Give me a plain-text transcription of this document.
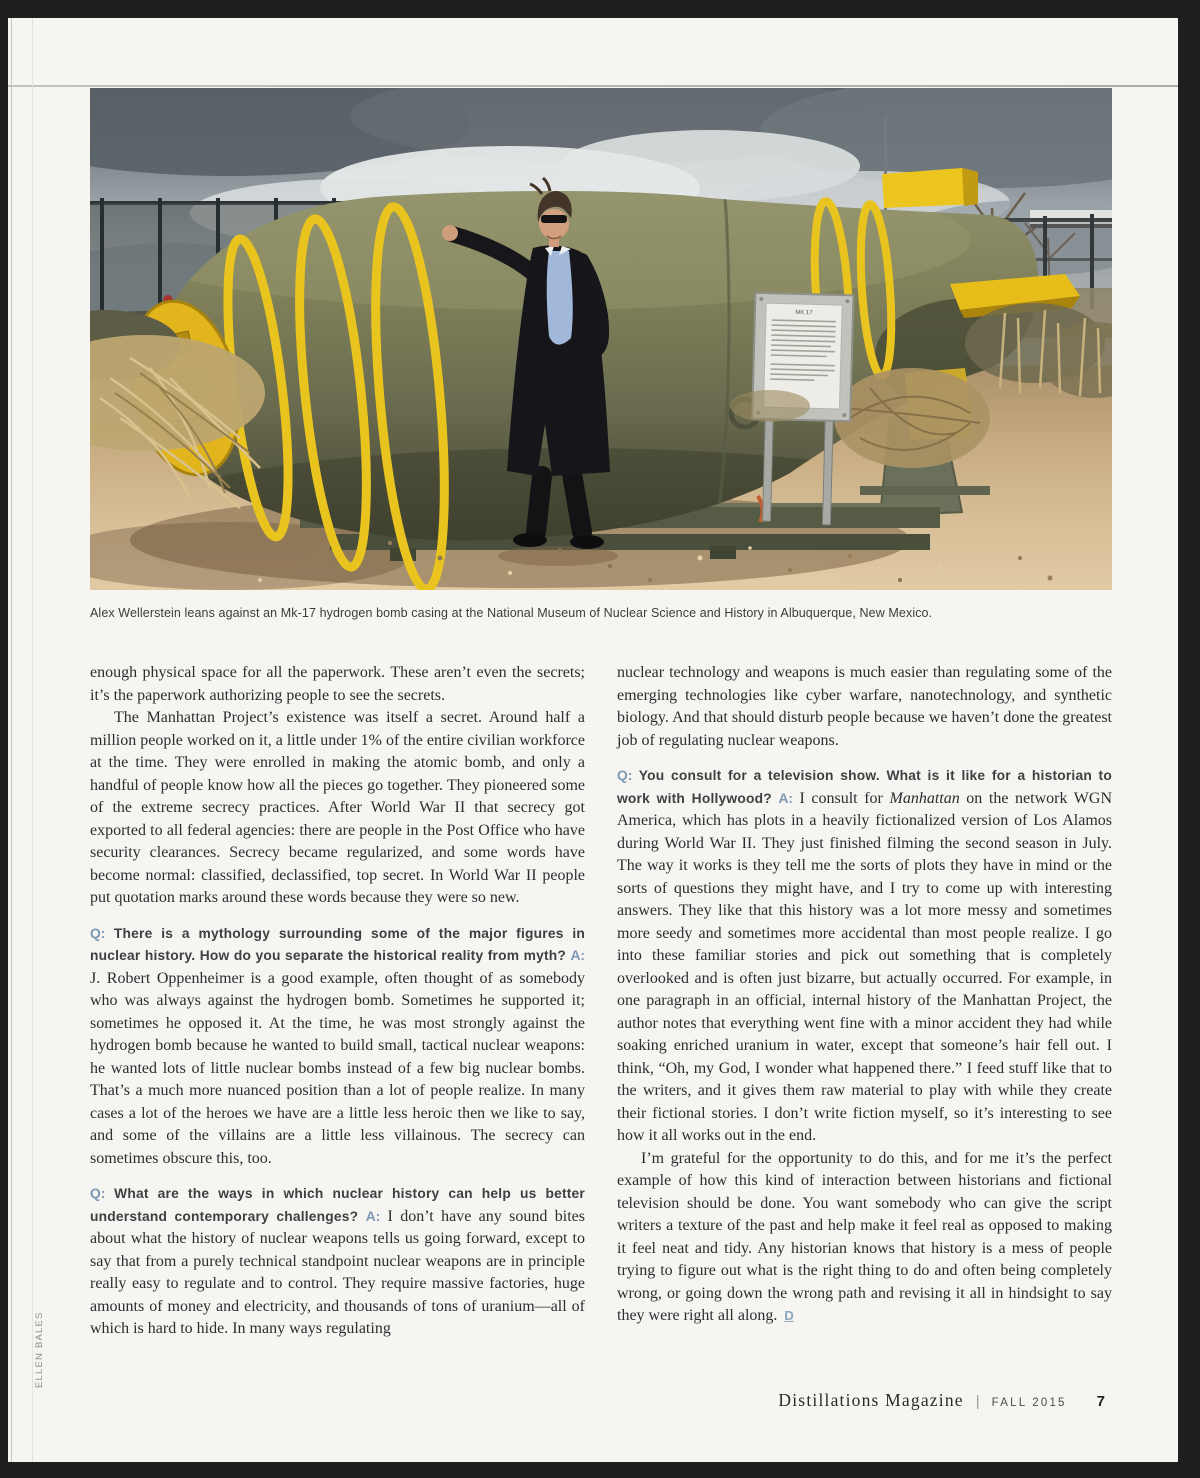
MK 17
Alex Wellerstein leans against an Mk-17 hydrogen bomb casing at the National Museum of Nuclear Science and History in Albuquerque, New Mexico.

enough physical space for all the paperwork. These aren’t even the secrets; it’s the paperwork authorizing people to see the secrets.

The Manhattan Project’s existence was itself a secret. Around half a million people worked on it, a little under 1% of the entire civilian workforce at the time. They were enrolled in making the atomic bomb, and only a handful of people know how all the pieces go together. They pioneered some of the extreme secrecy practices. After World War II that secrecy got exported to all federal agencies: there are people in the Post Office who have security clearances. Secrecy became regularized, and some words have become normal: classified, declassified, top secret. In World War II people put quotation marks around these words because they were so new.

Q: There is a mythology surrounding some of the major figures in nuclear history. How do you separate the historical reality from myth? A: J. Robert Oppenheimer is a good example, often thought of as somebody who was always against the hydrogen bomb. Sometimes he supported it; sometimes he opposed it. At the time, he was most strongly against the hydrogen bomb because he wanted to build small, tactical nuclear weapons: he wanted lots of little nuclear bombs instead of a few big nuclear bombs. That’s a much more nuanced position than a lot of people realize. In many cases a lot of the heroes we have are a little less heroic then we like to say, and some of the villains are a little less villainous. The secrecy can sometimes obscure this, too.

Q: What are the ways in which nuclear history can help us better understand contemporary challenges? A: I don’t have any sound bites about what the history of nuclear weapons tells us going forward, except to say that from a purely technical standpoint nuclear weapons are in principle really easy to regulate and to control. They require massive factories, huge amounts of money and electricity, and thousands of tons of uranium—all of which is hard to hide. In many ways regulating

nuclear technology and weapons is much easier than regulating some of the emerging technologies like cyber warfare, nanotechnology, and synthetic biology. And that should disturb people because we haven’t done the greatest job of regulating nuclear weapons.

Q: You consult for a television show. What is it like for a historian to work with Hollywood? A: I consult for Manhattan on the network WGN America, which has plots in a heavily fictionalized version of Los Alamos during World War II. They just finished filming the second season in July. The way it works is they tell me the sorts of plots they have in mind or the sorts of questions they might have, and I try to come up with interesting answers. They like that this history was a lot more messy and sometimes more seedy and sometimes more accidental than most people realize. I go into these familiar stories and pick out something that is completely overlooked and is often just bizarre, but actually occurred. For example, in one paragraph in an official, internal history of the Manhattan Project, the author notes that everything went fine with a minor accident they had while soaking enriched uranium in water, except that someone’s hair fell out. I think, “Oh, my God, I wonder what happened there.” I feed stuff like that to the writers, and it gives them raw material to play with while they create their fictional stories. I don’t write fiction myself, so it’s interesting to see how it all works out in the end.

I’m grateful for the opportunity to do this, and for me it’s the perfect example of how this kind of interaction between historians and fictional television should be done. You want somebody who can give the script writers a texture of the past and help make it feel real as opposed to making it feel neat and tidy. Any historian knows that history is a mess of people trying to figure out what is the right thing to do and often being completely wrong, or going down the wrong path and revising it all in hindsight to say they were right all along. D

Distillations Magazine | FALL 2015 7
ELLEN BALES
